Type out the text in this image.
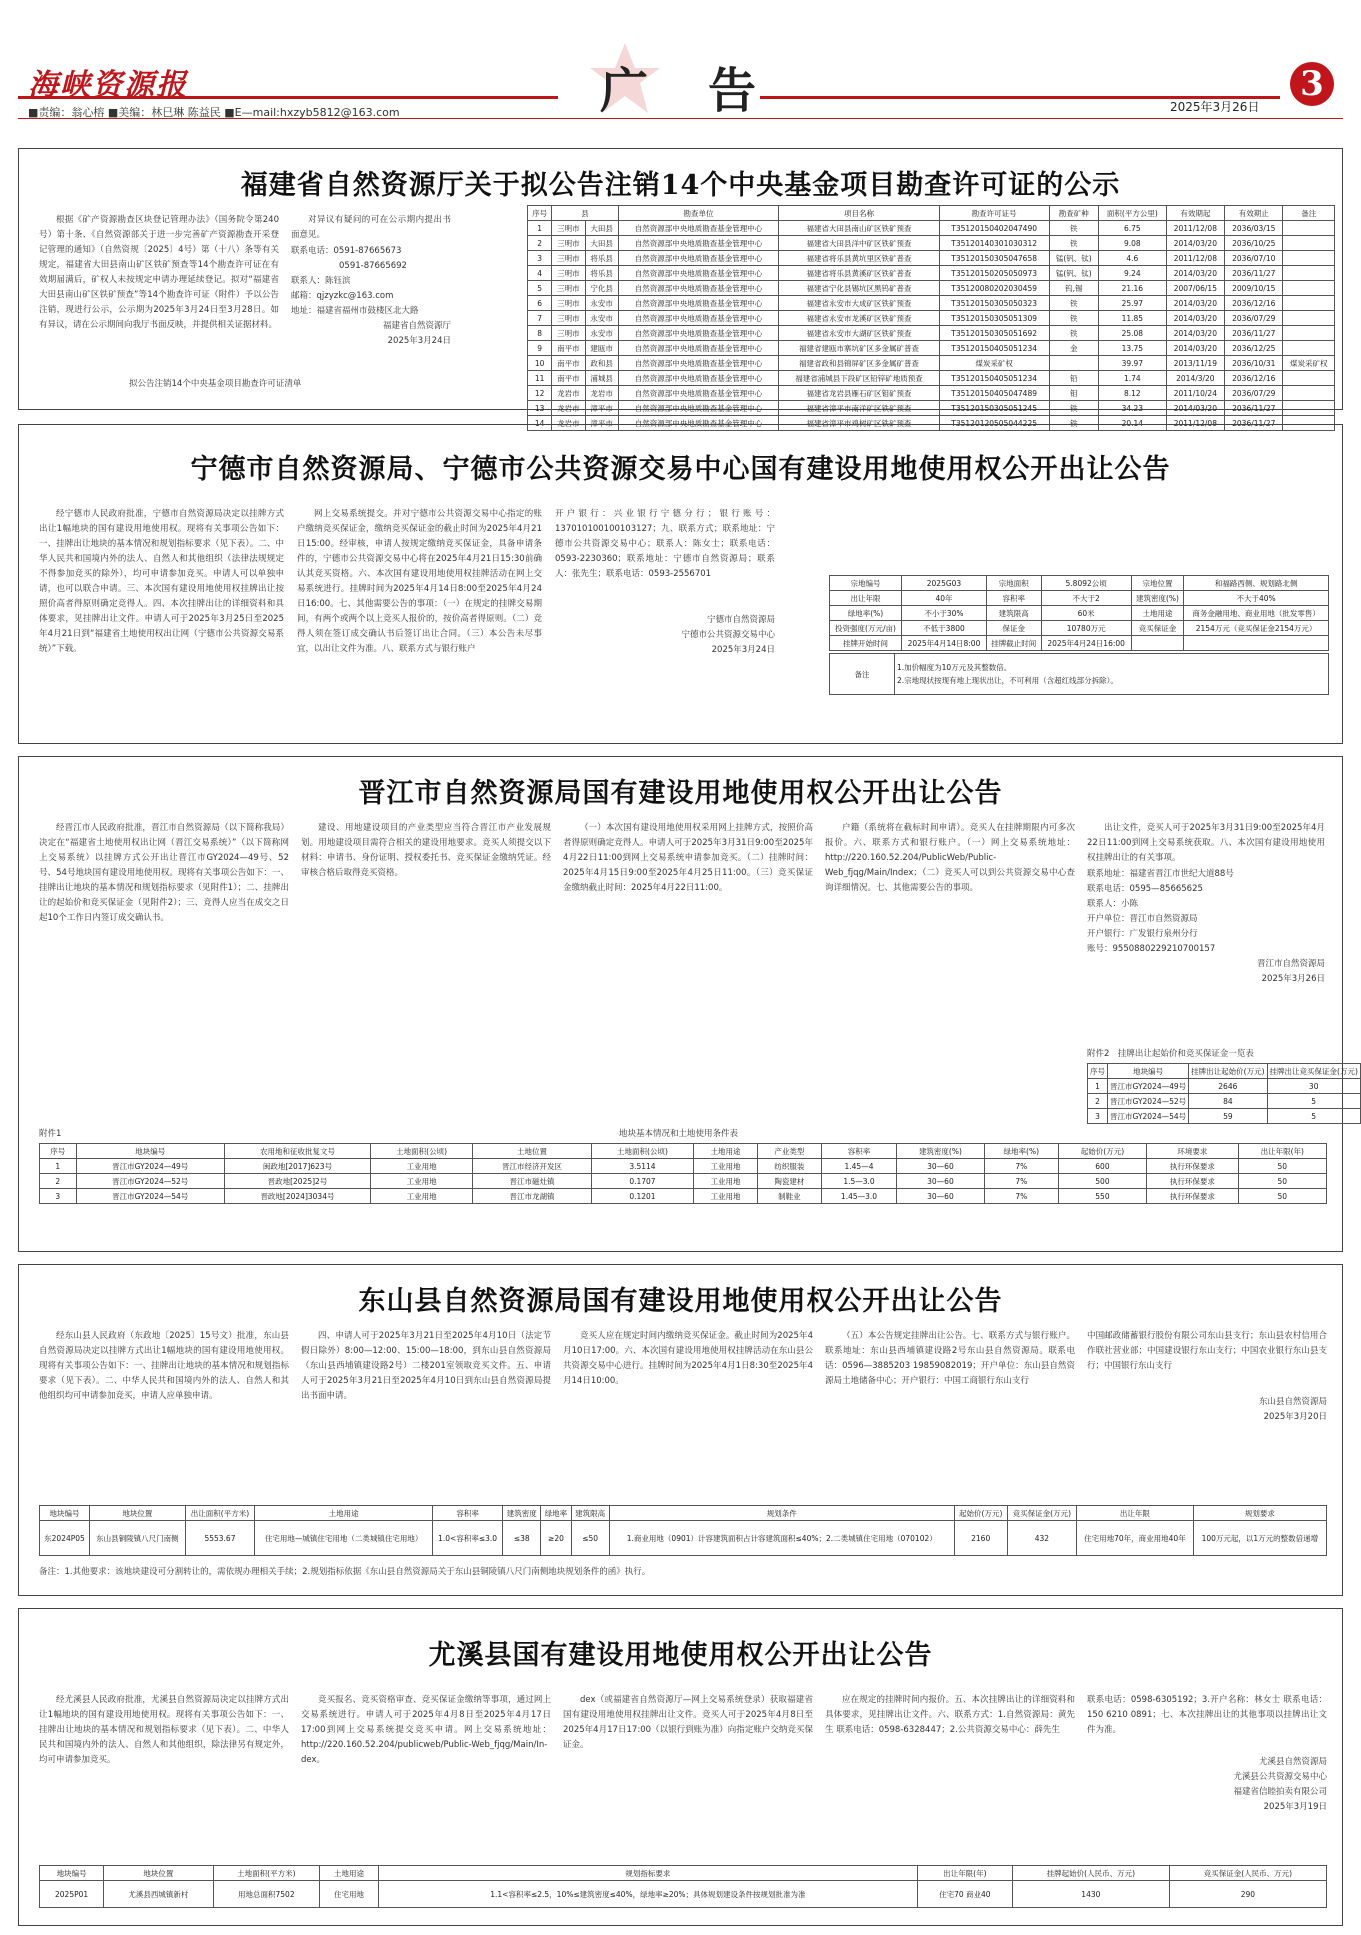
海峡资源报	广告
■责编：翁心榕 ■美编：林巳琳 陈益民 ■E—mail:hxzyb5812@163.com	2025年3月26日
3
福建省自然资源厅关于拟公告注销14个中央基金项目勘查许可证的公示

根据《矿产资源勘查区块登记管理办法》（国务院令第240号）第十条、《自然资源部关于进一步完善矿产资源勘查开采登记管理的通知》（自然资规〔2025〕4号）第（十八）条等有关规定，福建省大田县南山矿区铁矿预查等14个勘查许可证在有效期届满后，矿权人未按规定申请办理延续登记。拟对“福建省大田县南山矿区铁矿预查”等14个勘查许可证（附件）予以公告注销，现进行公示，公示期为2025年3月24日至3月28日。如有异议，请在公示期间向我厅书面反映，并提供相关证据材料。

拟公告注销14个中央基金项目勘查许可证清单

对异议有疑问的可在公示期内提出书面意见。

联系电话：0591-87665673
0591-87665692
联系人：陈钰滨
邮箱：qjzyzkc@163.com
地址：福建省福州市鼓楼区北大路
福建省自然资源厅
2025年3月24日
序号	县		勘查单位	项目名称	勘查许可证号	勘查矿种	面积(平方公里)	有效期起	有效期止	备注
1	三明市	大田县	自然资源部中央地质勘查基金管理中心	福建省大田县南山矿区铁矿预查	T35120150402047490	铁	6.75	2011/12/08	2036/03/15	
2	三明市	大田县	自然资源部中央地质勘查基金管理中心	福建省大田县洋中矿区铁矿预查	T35120140301030312	铁	9.08	2014/03/20	2036/10/25	
3	三明市	将乐县	自然资源部中央地质勘查基金管理中心	福建省将乐县黄坑里区铁矿普查	T35120150305047658	锰(钒、钛)	4.6	2011/12/08	2036/07/10	
4	三明市	将乐县	自然资源部中央地质勘查基金管理中心	福建省将乐县黄溪矿区铁矿普查	T35120150205050973	锰(钒、钛)	9.24	2014/03/20	2036/11/27	
5	三明市	宁化县	自然资源部中央地质勘查基金管理中心	福建省宁化县锡坑区黑钨矿普查	T35120080202030459	钨,锡	21.16	2007/06/15	2009/10/15	
6	三明市	永安市	自然资源部中央地质勘查基金管理中心	福建省永安市大成矿区铁矿预查	T35120150305050323	铁	25.97	2014/03/20	2036/12/16	
7	三明市	永安市	自然资源部中央地质勘查基金管理中心	福建省永安市龙溪矿区铁矿预查	T35120150305051309	铁	11.85	2014/03/20	2036/07/29	
8	三明市	永安市	自然资源部中央地质勘查基金管理中心	福建省永安市大湖矿区铁矿预查	T35120150305051692	铁	25.08	2014/03/20	2036/11/27	
9	南平市	建瓯市	自然资源部中央地质勘查基金管理中心	福建省建瓯市寨坑矿区多金属矿普查	T35120150405051234	金	13.75	2014/03/20	2036/12/25	
10	南平市	政和县	自然资源部中央地质勘查基金管理中心	福建省政和县锦屏矿区多金属矿普查	煤炭采矿权		39.97	2013/11/19	2036/10/31	煤炭采矿权
11	南平市	浦城县	自然资源部中央地质勘查基金管理中心	福建省浦城县下段矿区铅锌矿地质预查	T35120150405051234	铅	1.74	2014/3/20	2036/12/16	
12	龙岩市	龙岩市	自然资源部中央地质勘查基金管理中心	福建省龙岩县雁石矿区钼矿预查	T35120150405047489	钼	8.12	2011/10/24	2036/07/29	
13	龙岩市	漳平市	自然资源部中央地质勘查基金管理中心	福建省漳平市南洋矿区铁矿预查	T35120150305051245	铁	34.23	2014/03/20	2036/11/27	
14	龙岩市	漳平市	自然资源部中央地质勘查基金管理中心	福建省漳平市鸡树矿区铁矿预查	T35120120505044225	铁	20.14	2011/12/08	2036/11/27	
宁德市自然资源局、宁德市公共资源交易中心国有建设用地使用权公开出让公告

经宁德市人民政府批准，宁德市自然资源局决定以挂牌方式出让1幅地块的国有建设用地使用权。现将有关事项公告如下：一、挂牌出让地块的基本情况和规划指标要求（见下表）。二、中华人民共和国境内外的法人、自然人和其他组织（法律法规规定不得参加竞买的除外），均可申请参加竞买。申请人可以单独申请，也可以联合申请。三、本次国有建设用地使用权挂牌出让按照价高者得原则确定竞得人。四、本次挂牌出让的详细资料和具体要求，见挂牌出让文件。申请人可于2025年3月25日至2025年4月21日到“福建省土地使用权出让网（宁德市公共资源交易系统）”下载。

网上交易系统提交。并对宁德市公共资源交易中心指定的账户缴纳竞买保证金，缴纳竞买保证金的截止时间为2025年4月21日15:00。经审核，申请人按规定缴纳竞买保证金，具备申请条件的，宁德市公共资源交易中心将在2025年4月21日15:30前确认其竞买资格。六、本次国有建设用地使用权挂牌活动在网上交易系统进行。挂牌时间为2025年4月14日8:00至2025年4月24日16:00。七、其他需要公告的事项：（一）在规定的挂牌交易期间，有两个或两个以上竞买人报价的，按价高者得原则。（二）竞得人须在签订成交确认书后签订出让合同。（三）本公告未尽事宜，以出让文件为准。八、联系方式与银行账户

开户银行：兴业银行宁德分行；银行账号：137010100100103127；九、联系方式；联系地址：宁德市公共资源交易中心；联系人：陈女士；联系电话：0593-2230360；联系地址：宁德市自然资源局；联系人：张先生；联系电话：0593-2556701

宁德市自然资源局
宁德市公共资源交易中心
2025年3月24日
宗地编号	2025G03	宗地面积	5.8092公顷	宗地位置	和福路西侧、规划路北侧
出让年限	40年	容积率	不大于2	建筑密度(%)	不大于40%
绿地率(%)	不小于30%	建筑限高	60米	土地用途	商务金融用地、商业用地（批发零售）
投资强度(万元/亩)	不低于3800	保证金	10780万元	竞买保证金	2154万元（竞买保证金2154万元）
挂牌开始时间	2025年4月14日8:00	挂牌截止时间	2025年4月24日16:00		
备注	
1.加价幅度为10万元及其整数倍。
2.宗地现状按现有地上现状出让，不可利用（含超红线部分拆除）。
晋江市自然资源局国有建设用地使用权公开出让公告

经晋江市人民政府批准，晋江市自然资源局（以下简称我局）决定在“福建省土地使用权出让网（晋江交易系统）”（以下简称网上交易系统）以挂牌方式公开出让晋江市GY2024—49号、52号、54号地块国有建设用地使用权。现将有关事项公告如下：一、挂牌出让地块的基本情况和规划指标要求（见附件1）；二、挂牌出让的起始价和竞买保证金（见附件2）；三、竞得人应当在成交之日起10个工作日内签订成交确认书。

建设、用地建设项目的产业类型应当符合晋江市产业发展规划。用地建设项目需符合相关的建设用地要求。竞买人须提交以下材料：申请书、身份证明、授权委托书、竞买保证金缴纳凭证。经审核合格后取得竞买资格。

（一）本次国有建设用地使用权采用网上挂牌方式，按照价高者得原则确定竞得人。申请人可于2025年3月31日9:00至2025年4月22日11:00到网上交易系统申请参加竞买。（二）挂牌时间：2025年4月15日9:00至2025年4月25日11:00。（三）竞买保证金缴纳截止时间：2025年4月22日11:00。

户籍（系统将在截标时间申请）。竞买人在挂牌期限内可多次报价。六、联系方式和银行账户。（一）网上交易系统地址：http://220.160.52.204/PublicWeb/Public-Web_fjqg/Main/Index；（二）竞买人可以到公共资源交易中心查询详细情况。七、其他需要公告的事项。

出让文件，竞买人可于2025年3月31日9:00至2025年4月22日11:00到网上交易系统获取。八、本次国有建设用地使用权挂牌出让的有关事项。

联系地址：福建省晋江市世纪大道88号
联系电话：0595—85665625
联系人：小陈
开户单位：晋江市自然资源局
开户银行：广发银行泉州分行
账号：9550880229210700157
晋江市自然资源局
2025年3月26日
附件2　挂牌出让起始价和竞买保证金一览表
序号	地块编号	挂牌出让起始价(万元)	挂牌出让竞买保证金(万元)
1	晋江市GY2024—49号	2646	30
2	晋江市GY2024—52号	84	5
3	晋江市GY2024—54号	59	5
附件1	地块基本情况和土地使用条件表
序号	地块编号	农用地和征收批复文号	土地面积(公顷)	土地位置	土地面积(公顷)	土地用途	产业类型	容积率	建筑密度(%)	绿地率(%)	起始价(万元)	环境要求	出让年限(年)
1	晋江市GY2024—49号	闽政地[2017]623号	工业用地	晋江市经济开发区	3.5114	工业用地	纺织服装	1.45—4	30—60	7%	600	执行环保要求	50
2	晋江市GY2024—52号	晋政地[2025]2号	工业用地	晋江市磁灶镇	0.1707	工业用地	陶瓷建材	1.5—3.0	30—60	7%	500	执行环保要求	50
3	晋江市GY2024—54号	晋政地[2024]3034号	工业用地	晋江市龙湖镇	0.1201	工业用地	制鞋业	1.45—3.0	30—60	7%	550	执行环保要求	50
东山县自然资源局国有建设用地使用权公开出让公告

经东山县人民政府（东政地〔2025〕15号文）批准，东山县自然资源局决定以挂牌方式出让1幅地块的国有建设用地使用权。现将有关事项公告如下：一、挂牌出让地块的基本情况和规划指标要求（见下表）。二、中华人民共和国境内外的法人、自然人和其他组织均可申请参加竞买，申请人应单独申请。

四、申请人可于2025年3月21日至2025年4月10日（法定节假日除外）8:00—12:00、15:00—18:00，到东山县自然资源局（东山县西埔镇建设路2号）二楼201室领取竞买文件。五、申请人可于2025年3月21日至2025年4月10日到东山县自然资源局提出书面申请。

竞买人应在规定时间内缴纳竞买保证金。截止时间为2025年4月10日17:00。六、本次国有建设用地使用权挂牌活动在东山县公共资源交易中心进行。挂牌时间为2025年4月1日8:30至2025年4月14日10:00。

（五）本公告规定挂牌出让公告。七、联系方式与银行账户。联系地址：东山县西埔镇建设路2号东山县自然资源局。联系电话：0596—3885203 19859082019；开户单位：东山县自然资源局土地储备中心；开户银行：中国工商银行东山支行

中国邮政储蓄银行股份有限公司东山县支行；东山县农村信用合作联社营业部；中国建设银行东山支行；中国农业银行东山县支行；中国银行东山支行

东山县自然资源局
2025年3月20日
地块编号	地块位置	出让面积(平方米)	土地用途	容积率	建筑密度	绿地率	建筑限高	规划条件	起始价(万元)	竞买保证金(万元)	出让年限	规划要求
东2024P05	东山县铜陵镇八尺门南侧	5553.67	住宅用地—城镇住宅用地（二类城镇住宅用地）	1.0<容积率≤3.0	≤38	≥20	≤50	1.商业用地（0901）计容建筑面积占计容建筑面积≤40%；2.二类城镇住宅用地（070102）	2160	432	住宅用地70年，商业用地40年	100万元起，以1万元的整数倍递增
备注：1.其他要求：该地块建设可分割转让的，需依规办理相关手续；2.规划指标依据《东山县自然资源局关于东山县铜陵镇八尺门南侧地块规划条件的函》执行。
尤溪县国有建设用地使用权公开出让公告

经尤溪县人民政府批准，尤溪县自然资源局决定以挂牌方式出让1幅地块的国有建设用地使用权。现将有关事项公告如下：一、挂牌出让地块的基本情况和规划指标要求（见下表）。二、中华人民共和国境内外的法人、自然人和其他组织，除法律另有规定外，均可申请参加竞买。

竞买报名、竞买资格审查、竞买保证金缴纳等事项，通过网上交易系统进行。申请人可于2025年4月8日至2025年4月17日17:00到网上交易系统提交竞买申请。网上交易系统地址：http://220.160.52.204/publicweb/Public-Web_fjqg/Main/In-dex。

dex（或福建省自然资源厅—网上交易系统登录）获取福建省国有建设用地使用权挂牌出让文件。竞买人可于2025年4月8日至2025年4月17日17:00（以银行到账为准）向指定账户交纳竞买保证金。

应在规定的挂牌时间内报价。五、本次挂牌出让的详细资料和具体要求，见挂牌出让文件。六、联系方式：1.自然资源局：黄先生 联系电话：0598-6328447；2.公共资源交易中心：薛先生

联系电话：0598-6305192；3.开户名称：林女士 联系电话：150 6210 0891；七、本次挂牌出让的其他事项以挂牌出让文件为准。

尤溪县自然资源局
尤溪县公共资源交易中心
福建省信睦拍卖有限公司
2025年3月19日
地块编号	地块位置	土地面积(平方米)	土地用途	规划指标要求	出让年限(年)	挂牌起始价(人民币、万元)	竞买保证金(人民币、万元)
2025P01	尤溪县西城镇新村	用地总面积7502	住宅用地	1.1<容积率≤2.5，10%≤建筑密度≤40%，绿地率≥20%；具体规划建设条件按规划批准为准	住宅70 商业40	1430	290
